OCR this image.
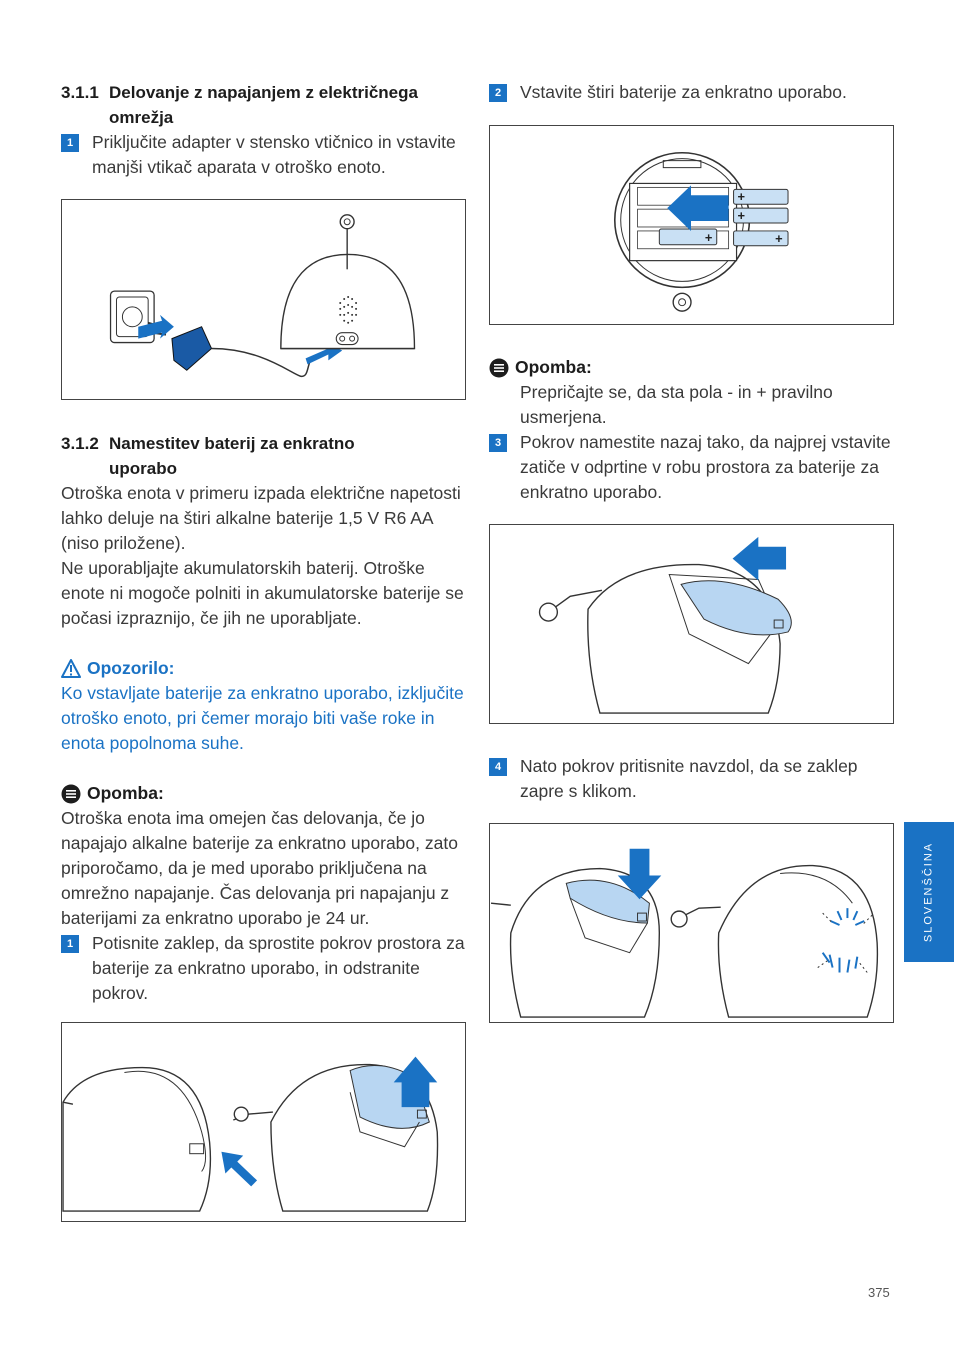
3.1.1 Delovanje z napajanjem z električnega
omrežja

1	Priključite adapter v stensko vtičnico in vstavite manjši vtikač aparata v otroško enoto.

3.1.2 Namestitev baterij za enkratno
uporabo

Otroška enota v primeru izpada električne napetosti lahko deluje na štiri alkalne baterije 1,5 V R6 AA (niso priložene).

Ne uporabljajte akumulatorskih baterij. Otroške enote ni mogoče polniti in akumulatorske baterije se počasi izpraznijo, če jih ne uporabljate.

Opozorilo:

Ko vstavljate baterije za enkratno uporabo, izključite otroško enoto, pri čemer morajo biti vaše roke in enota popolnoma suhe.

Opomba:

Otroška enota ima omejen čas delovanja, če jo napajajo alkalne baterije za enkratno uporabo, zato priporočamo, da je med uporabo priključena na omrežno napajanje. Čas delovanja pri napajanju z baterijami za enkratno uporabo je 24 ur.

1	Potisnite zaklep, da sprostite pokrov prostora za baterije za enkratno uporabo, in odstranite pokrov.

2	Vstavite štiri baterije za enkratno uporabo.

+
+
+
+

Opomba:

Prepričajte se, da sta pola - in + pravilno usmerjena.

3	Pokrov namestite nazaj tako, da najprej vstavite zatiče v odprtine v robu prostora za baterije za enkratno uporabo.

4	Nato pokrov pritisnite navzdol, da se zaklep zapre s klikom.

SLOVENŠČINA
375
